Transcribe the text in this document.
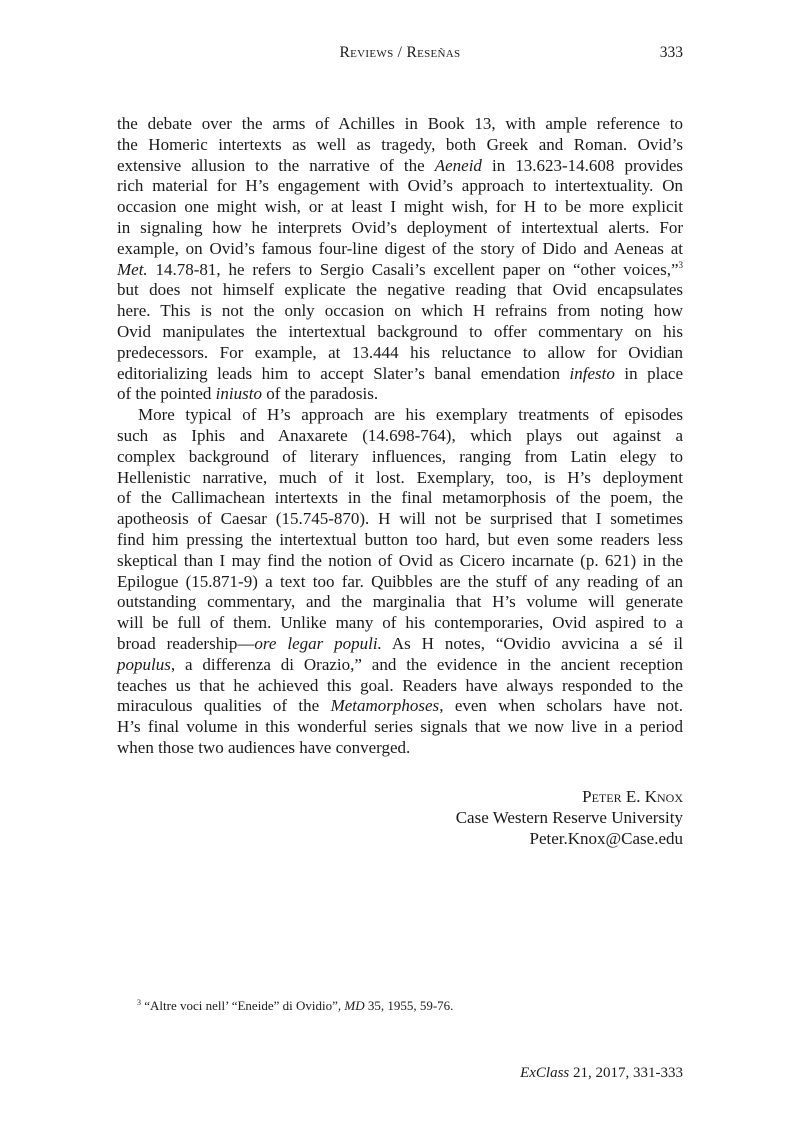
Reviews / Reseñas	333
the debate over the arms of Achilles in Book 13, with ample reference to
the Homeric intertexts as well as tragedy, both Greek and Roman. Ovid’s
extensive allusion to the narrative of the Aeneid in 13.623-14.608 provides
rich material for H’s engagement with Ovid’s approach to intertextuality. On
occasion one might wish, or at least I might wish, for H to be more explicit
in signaling how he interprets Ovid’s deployment of intertextual alerts. For
example, on Ovid’s famous four-line digest of the story of Dido and Aeneas at
Met. 14.78-81, he refers to Sergio Casali’s excellent paper on “other voices,”$^3$
but does not himself explicate the negative reading that Ovid encapsulates
here. This is not the only occasion on which H refrains from noting how
Ovid manipulates the intertextual background to offer commentary on his
predecessors. For example, at 13.444 his reluctance to allow for Ovidian
editorializing leads him to accept Slater’s banal emendation infesto in place
of the pointed iniusto of the paradosis.
More typical of H’s approach are his exemplary treatments of episodes
such as Iphis and Anaxarete (14.698-764), which plays out against a
complex background of literary influences, ranging from Latin elegy to
Hellenistic narrative, much of it lost. Exemplary, too, is H’s deployment
of the Callimachean intertexts in the final metamorphosis of the poem, the
apotheosis of Caesar (15.745-870). H will not be surprised that I sometimes
find him pressing the intertextual button too hard, but even some readers less
skeptical than I may find the notion of Ovid as Cicero incarnate (p. 621) in the
Epilogue (15.871-9) a text too far. Quibbles are the stuff of any reading of an
outstanding commentary, and the marginalia that H’s volume will generate
will be full of them. Unlike many of his contemporaries, Ovid aspired to a
broad readership—ore legar populi. As H notes, “Ovidio avvicina a sé il
populus, a differenza di Orazio,” and the evidence in the ancient reception
teaches us that he achieved this goal. Readers have always responded to the
miraculous qualities of the Metamorphoses, even when scholars have not.
H’s final volume in this wonderful series signals that we now live in a period
when those two audiences have converged.
Peter E. Knox
Case Western Reserve University
Peter.Knox@Case.edu
$^3$ “Altre voci nell’ “Eneide” di Ovidio”, MD 35, 1955, 59-76.
ExClass 21, 2017, 331-333
